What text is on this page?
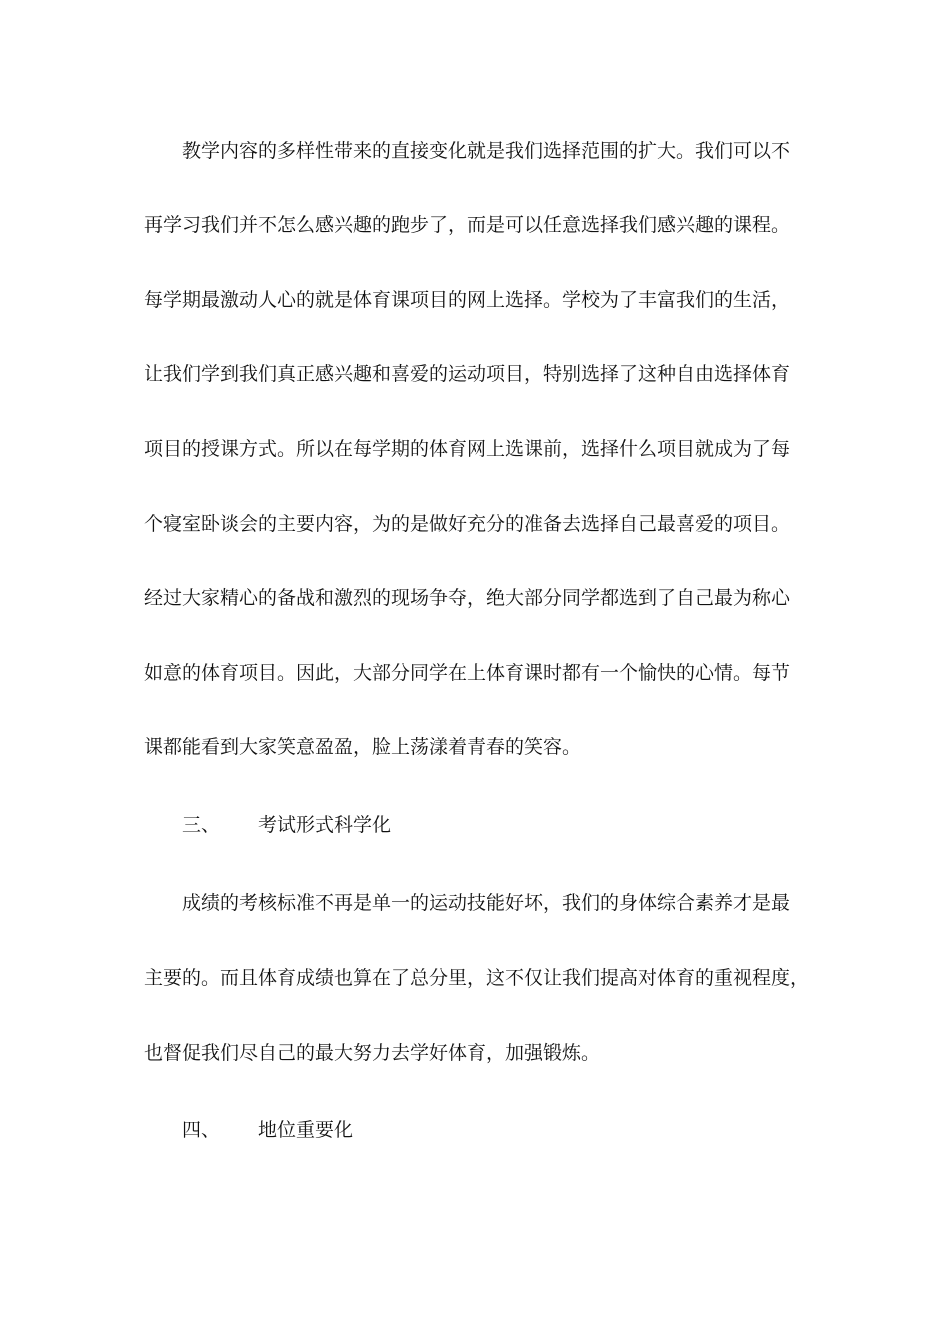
教学内容的多样性带来的直接变化就是我们选择范围的扩大。我们可以不
再学习我们并不怎么感兴趣的跑步了，而是可以任意选择我们感兴趣的课程。
每学期最激动人心的就是体育课项目的网上选择。学校为了丰富我们的生活，
让我们学到我们真正感兴趣和喜爱的运动项目，特别选择了这种自由选择体育
项目的授课方式。所以在每学期的体育网上选课前，选择什么项目就成为了每
个寝室卧谈会的主要内容，为的是做好充分的准备去选择自己最喜爱的项目。
经过大家精心的备战和激烈的现场争夺，绝大部分同学都选到了自己最为称心
如意的体育项目。因此，大部分同学在上体育课时都有一个愉快的心情。每节
课都能看到大家笑意盈盈，脸上荡漾着青春的笑容。
三、 考试形式科学化
成绩的考核标准不再是单一的运动技能好坏，我们的身体综合素养才是最
主要的。而且体育成绩也算在了总分里，这不仅让我们提高对体育的重视程度，
也督促我们尽自己的最大努力去学好体育，加强锻炼。
四、 地位重要化
